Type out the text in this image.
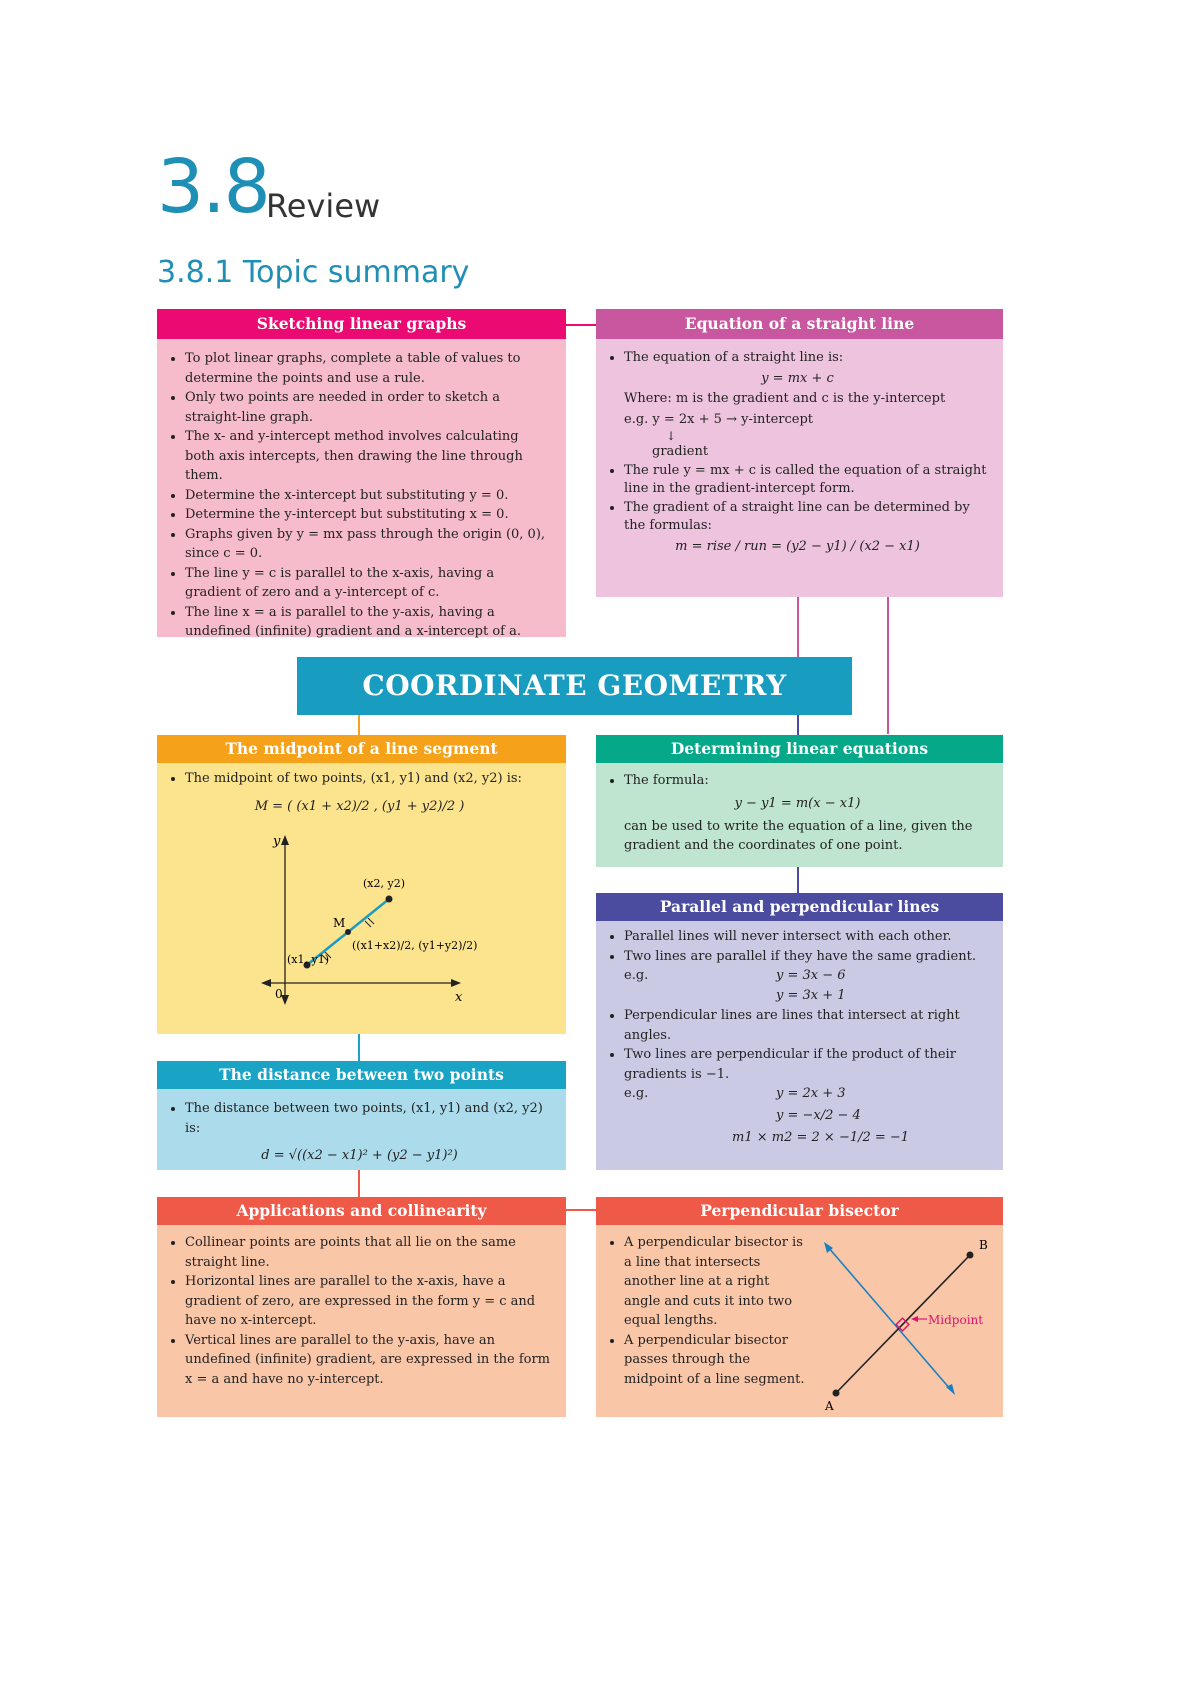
3.8
Review
3.8.1 Topic summary
Sketching linear graphs
• To plot linear graphs, complete a table of values to determine the points and use a rule.
• Only two points are needed in order to sketch a straight-line graph.
• The x- and y-intercept method involves calculating both axis intercepts, then drawing the line through them.
• Determine the x-intercept but substituting y = 0.
• Determine the y-intercept but substituting x = 0.
• Graphs given by y = mx pass through the origin (0, 0), since c = 0.
• The line y = c is parallel to the x-axis, having a gradient of zero and a y-intercept of c.
• The line x = a is parallel to the y-axis, having a undefined (infinite) gradient and a x-intercept of a.
Equation of a straight line
• The equation of a straight line is:
y = mx + c
Where: m is the gradient and c is the y-intercept
e.g. y = 2x + 5 → y-intercept
↓
gradient
• The rule y = mx + c is called the equation of a straight line in the gradient-intercept form.
• The gradient of a straight line can be determined by the formulas:
m = rise / run = (y2 − y1) / (x2 − x1)
COORDINATE GEOMETRY
The midpoint of a line segment
• The midpoint of two points, (x1, y1) and (x2, y2) is:
M = ( (x1 + x2)/2 , (y1 + y2)/2 )
y
x
0
(x1, y1)
(x2, y2)
M
((x1+x2)/2, (y1+y2)/2)
Determining linear equations
• The formula:
y − y1 = m(x − x1)
can be used to write the equation of a line, given the gradient and the coordinates of one point.
Parallel and perpendicular lines
• Parallel lines will never intersect with each other.
• Two lines are parallel if they have the same gradient.
e.g.	y = 3x − 6
y = 3x + 1
• Perpendicular lines are lines that intersect at right angles.
• Two lines are perpendicular if the product of their gradients is −1.
e.g.	y = 2x + 3
y = −x/2 − 4
m1 × m2 = 2 × −1/2 = −1
The distance between two points
• The distance between two points, (x1, y1) and (x2, y2) is:
d = √((x2 − x1)² + (y2 − y1)²)
Applications and collinearity
• Collinear points are points that all lie on the same straight line.
• Horizontal lines are parallel to the x-axis, have a gradient of zero, are expressed in the form y = c and have no x-intercept.
• Vertical lines are parallel to the y-axis, have an undefined (infinite) gradient, are expressed in the form x = a and have no y-intercept.
Perpendicular bisector
• A perpendicular bisector is a line that intersects another line at a right angle and cuts it into two equal lengths.
• A perpendicular bisector passes through the midpoint of a line segment.
A
B
Midpoint
